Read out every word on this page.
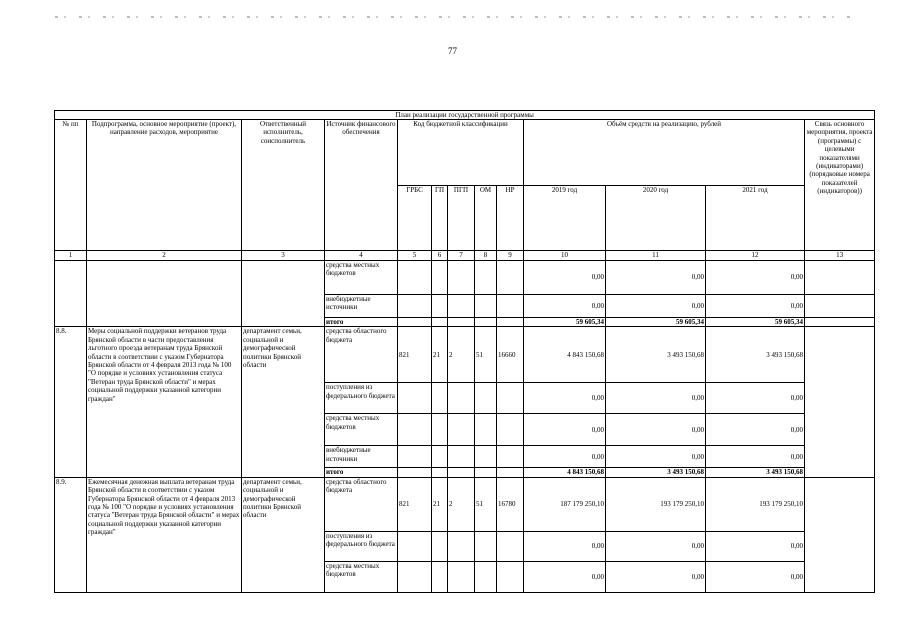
77
План реализации государственной программы												
№ пп	Подпрограмма, основное мероприятие (проект), направление расходов, мероприятие	Ответственный исполнитель, соисполнитель	Источник финансового обеспечения	Код бюджетной классификации					Объём средств на реализацию, рублей			Связь основного мероприятия, проекта (программы) с целевыми показателями (индикаторами) (порядковые номера показателей (индикаторов))
				ГРБС	ГП	ПГП	ОМ	НР	2019 год	2020 год	2021 год	
1	2	3	4	5	6	7	8	9	10	11	12	13
			средства местных бюджетов						0,00	0,00	0,00	
			внебюджетные источники						0,00	0,00	0,00	
			итого						59 605,34	59 605,34	59 605,34	
8.8.	Меры социальной поддержки ветеранов труда Брянской области в части предоставления льготного проезда ветеранам труда Брянской области в соответствии с указом Губернатора Брянской области от 4 февраля 2013 года № 100 "О порядке и условиях установления статуса "Ветеран труда Брянской области" и мерах социальной поддержки указанной категории граждан"	департамент семьи, социальной и демографической политики Брянской области	средства областного бюджета	821	21	2	51	16660	4 843 150,68	3 493 150,68	3 493 150,68	
			поступления из федерального бюджета						0,00	0,00	0,00	
			средства местных бюджетов						0,00	0,00	0,00	
			внебюджетные источники						0,00	0,00	0,00	
			итого						4 843 150,68	3 493 150,68	3 493 150,68	
8.9.	Ежемесячная денежная выплата ветеранам труда Брянской области в соответствии с указом Губернатора Брянской области от 4 февраля 2013 года № 100 "О порядке и условиях установления статуса "Ветеран труда Брянской области" и мерах социальной поддержки указанной категории граждан"	департамент семьи, социальной и демографической политики Брянской области	средства областного бюджета	821	21	2	51	16780	187 179 250,10	193 179 250,10	193 179 250,10	
			поступления из федерального бюджета						0,00	0,00	0,00	
			средства местных бюджетов						0,00	0,00	0,00	
